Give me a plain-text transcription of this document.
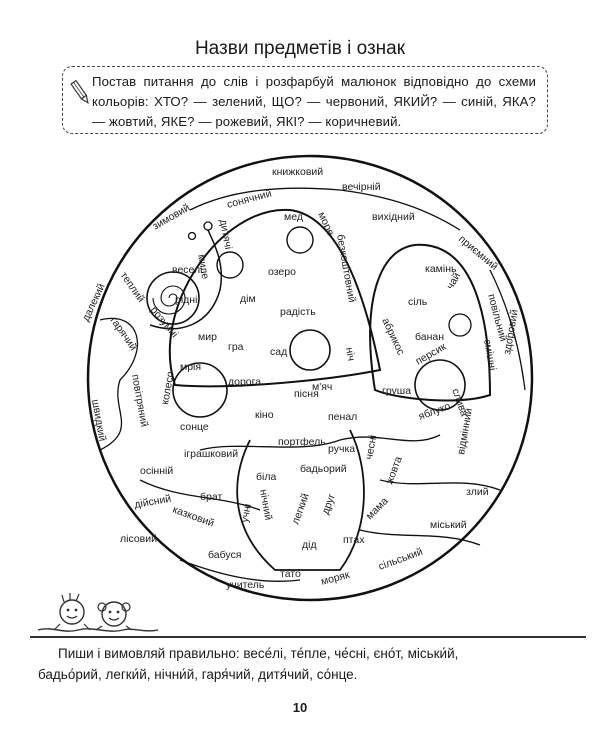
Назви предметів і ознак
Постав питання до слів і розфарбуй малюнок відповідно до схеми кольорів: ХТО? — зелений, ЩО? — червоний, ЯКИЙ? — синій, ЯКА? — жовтий, ЯКЕ? — рожевий, ЯКІ? — коричневий.
книжковий
вечірній
вихідний
зимовий
сонячний
мед море
приємний
дитячі
миле
теплий веселі
рідні
озеро	безкоштовний	камінь
далекий	розумні
дім
чай
сіль	повільний
радість
абрикос банан
гарячий	мир
гра	сад	ніч	персик	смішні
мрія
колесо	дорога	м'яч	слива
швидкий повітряний	груша
здоровий
пісня
пенал
кіно	яблуко
сонце
портфель
ручка
іграшковий
бадьорий
чесні	відмінний
осінній	біла	жовта
брат	злий
дійсний	нічний
учні	легкий друг мама
казковий	міський
лісовий	дід	птах
бабуся	сільський
тато моряк
учитель
Пиши і вимовляй правильно: весе́лі, те́пле, че́сні, єно́т, міськи́й,
бадьо́рий, легки́й, нічни́й, гаря́чий, дитя́чий, со́нце.
10
